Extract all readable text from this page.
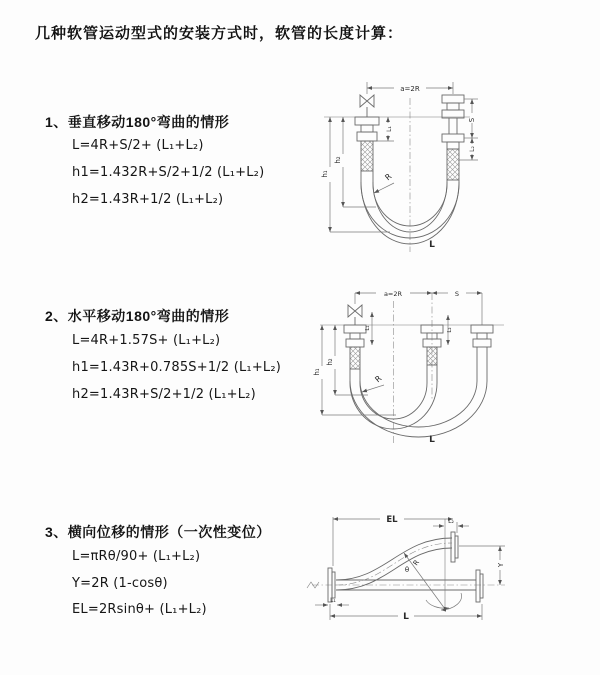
几种软管运动型式的安装方式时，软管的长度计算：
1、垂直移动180°弯曲的情形
L=4R+S/2+ (L₁+L₂)
h1=1.432R+S/2+1/2 (L₁+L₂)
h2=1.43R+1/2 (L₁+L₂)
2、水平移动180°弯曲的情形
L=4R+1.57S+ (L₁+L₂)
h1=1.43R+0.785S+1/2 (L₁+L₂)
h2=1.43R+S/2+1/2 (L₁+L₂)
3、横向位移的情形（一次性变位）
L=πRθ/90+ (L₁+L₂)
Y=2R (1-cosθ)
EL=2Rsinθ+ (L₁+L₂)
a=2R
S
L₂
L₁
h₁
h₂
R
L
a=2R	S
h₁
h₂
L₁	L₂
R
L
θ
R
EL	L₂
Y
L₁
L
